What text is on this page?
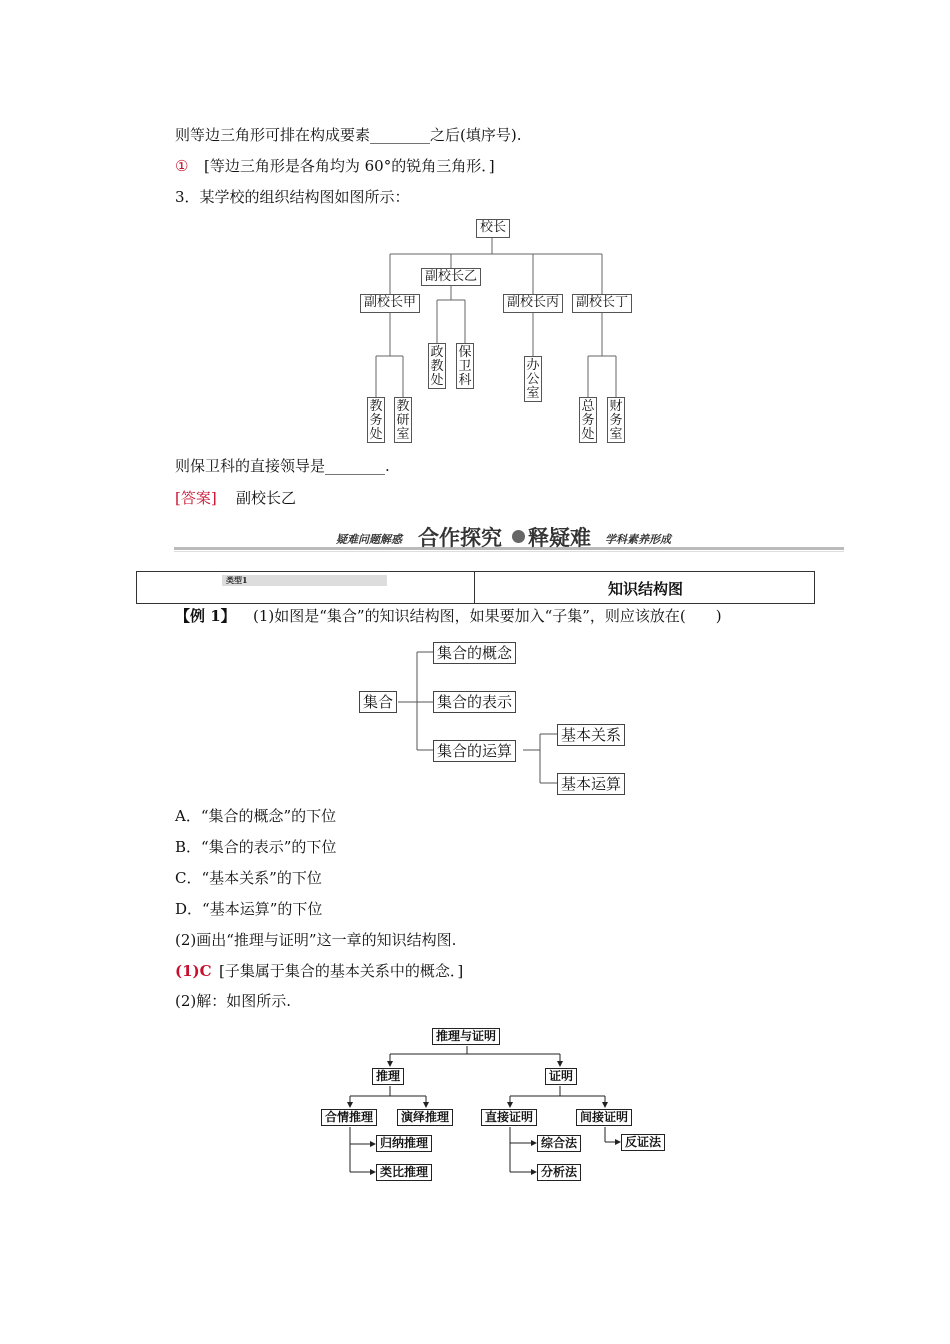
则等边三角形可排在构成要素________之后(填序号).
① [等边三角形是各角均为 60°的锐角三角形．]
3．某学校的组织结构图如图所示：
校长
副校长乙
副校长甲	副校长丙	副校长丁
政
教
处
保
卫
科
办
公
室
教
务
处
教
研
室
总
务
处
财
务
室
则保卫科的直接领导是________.
[答案] 副校长乙
疑难问题解惑 合作探究 释疑难 学科素养形成
类型1	知识结构图
【例 1】 (1)如图是“集合”的知识结构图，如果要加入“子集”，则应该放在(　　)
集合
集合的概念
集合的表示
集合的运算
基本关系
基本运算
A．“集合的概念”的下位
B．“集合的表示”的下位
C．“基本关系”的下位
D．“基本运算”的下位
(2)画出“推理与证明”这一章的知识结构图.
(1)C [子集属于集合的基本关系中的概念．]
(2)解：如图所示.
推理与证明
推理	证明
合情推理	演绎推理
归纳推理
类比推理
直接证明	间接证明
综合法
分析法
反证法
